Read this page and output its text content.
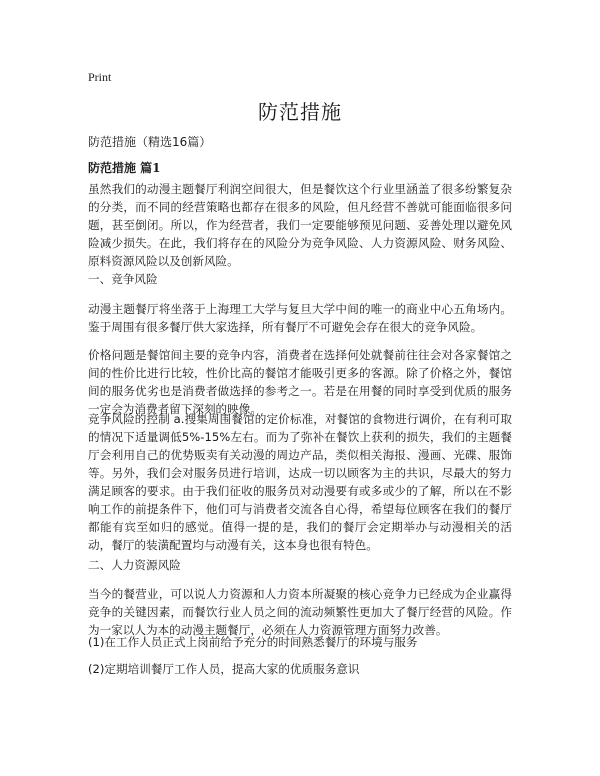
Print
防范措施
防范措施（精选16篇）
防范措施 篇1

虽然我们的动漫主题餐厅利润空间很大，但是餐饮这个行业里涵盖了很多纷繁复杂的分类，而不同的经营策略也都存在很多的风险，但凡经营不善就可能面临很多问题，甚至倒闭。所以，作为经营者，我们一定要能够预见问题、妥善处理以避免风险减少损失。在此，我们将存在的风险分为竞争风险、人力资源风险、财务风险、原料资源风险以及创新风险。

一、竞争风险

动漫主题餐厅将坐落于上海理工大学与复旦大学中间的唯一的商业中心五角场内。鉴于周围有很多餐厅供大家选择，所有餐厅不可避免会存在很大的竞争风险。

价格问题是餐馆间主要的竞争内容，消费者在选择何处就餐前往往会对各家餐馆之间的性价比进行比较，性价比高的餐馆才能吸引更多的客源。除了价格之外，餐馆间的服务优劣也是消费者做选择的参考之一。若是在用餐的同时享受到优质的服务一定会为消费者留下深刻的映像。

竞争风险的控制 a.搜集周围餐馆的定价标准，对餐馆的食物进行调价，在有利可取的情况下适量调低5%-15%左右。而为了弥补在餐饮上获利的损失，我们的主题餐厅会利用自己的优势贩卖有关动漫的周边产品，类似相关海报、漫画、光碟、服饰等。另外，我们会对服务员进行培训，达成一切以顾客为主的共识，尽最大的努力满足顾客的要求。由于我们征收的服务员对动漫要有或多或少的了解，所以在不影响工作的前提条件下，他们可与消费者交流各自心得，希望每位顾客在我们的餐厅都能有宾至如归的感觉。值得一提的是，我们的餐厅会定期举办与动漫相关的活动，餐厅的装潢配置均与动漫有关，这本身也很有特色。

二、人力资源风险

当今的餐营业，可以说人力资源和人力资本所凝聚的核心竞争力已经成为企业赢得竞争的关键因素，而餐饮行业人员之间的流动频繁性更加大了餐厅经营的风险。作为一家以人为本的动漫主题餐厅，必须在人力资源管理方面努力改善。

(1)在工作人员正式上岗前给予充分的时间熟悉餐厅的环境与服务

(2)定期培训餐厅工作人员，提高大家的优质服务意识
